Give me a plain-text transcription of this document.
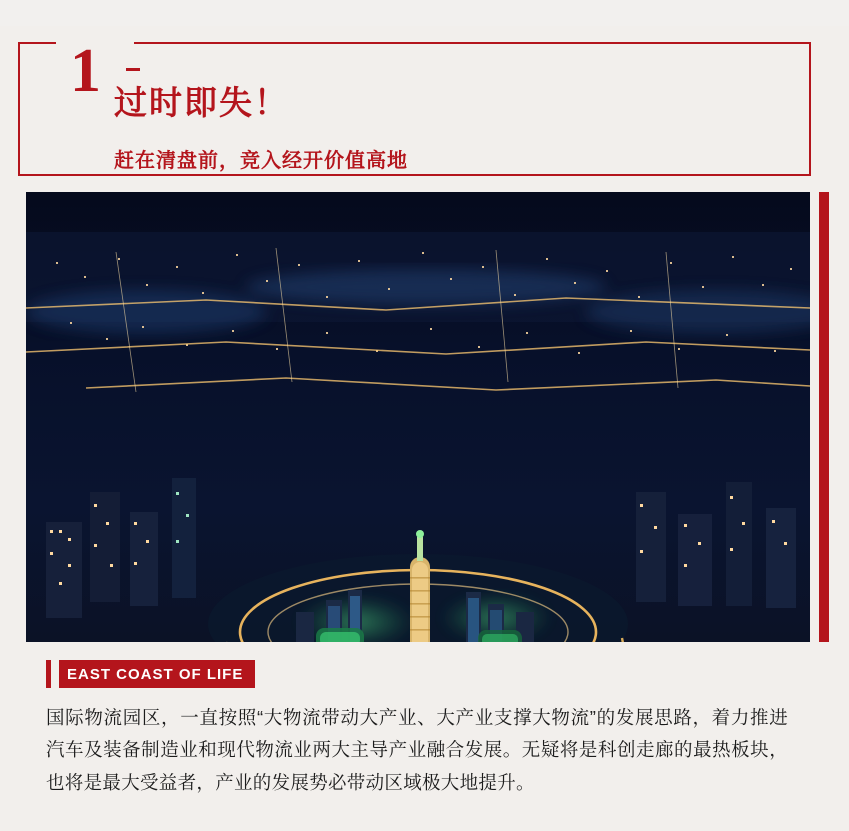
1 过时即失！
赶在清盘前，竞入经开价值高地
EAST COAST OF LIFE

国际物流园区，一直按照“大物流带动大产业、大产业支撑大物流”的发展思路，着力推进汽车及装备制造业和现代物流业两大主导产业融合发展。无疑将是科创走廊的最热板块，也将是最大受益者，产业的发展势必带动区域极大地提升。
